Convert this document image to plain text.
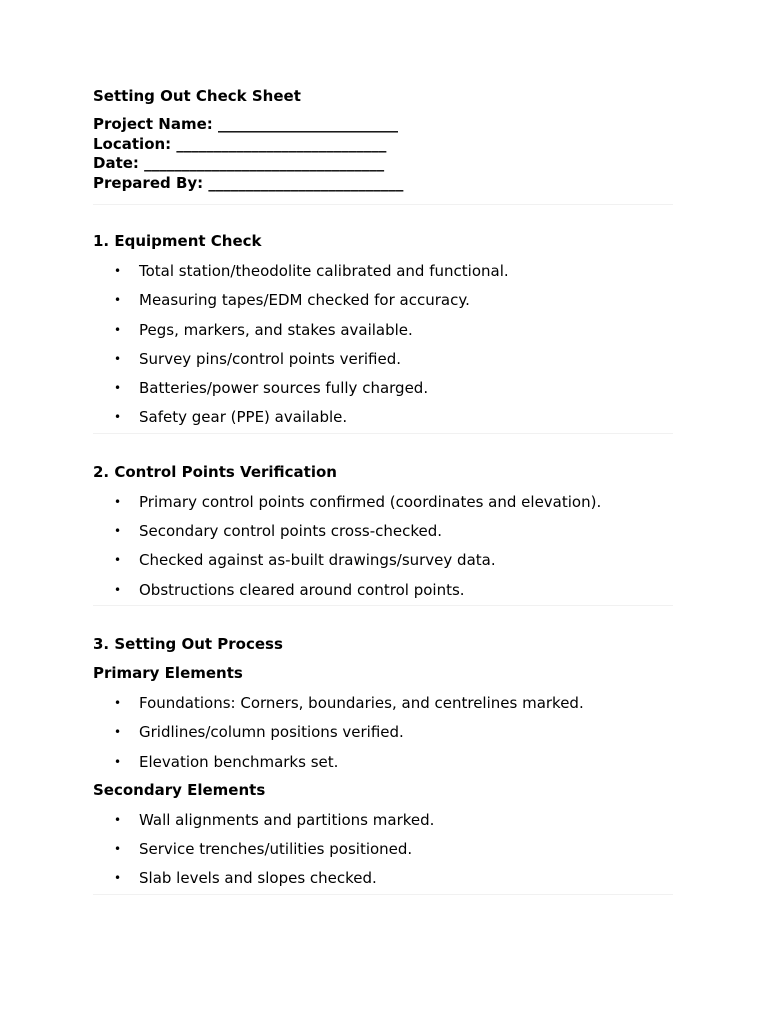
Setting Out Check Sheet
Project Name: ________________________
Location: ____________________________
Date: ________________________________
Prepared By: __________________________
1. Equipment Check
• Total station/theodolite calibrated and functional.
• Measuring tapes/EDM checked for accuracy.
• Pegs, markers, and stakes available.
• Survey pins/control points verified.
• Batteries/power sources fully charged.
• Safety gear (PPE) available.
2. Control Points Verification
• Primary control points confirmed (coordinates and elevation).
• Secondary control points cross-checked.
• Checked against as-built drawings/survey data.
• Obstructions cleared around control points.
3. Setting Out Process
Primary Elements
• Foundations: Corners, boundaries, and centrelines marked.
• Gridlines/column positions verified.
• Elevation benchmarks set.
Secondary Elements
• Wall alignments and partitions marked.
• Service trenches/utilities positioned.
• Slab levels and slopes checked.
